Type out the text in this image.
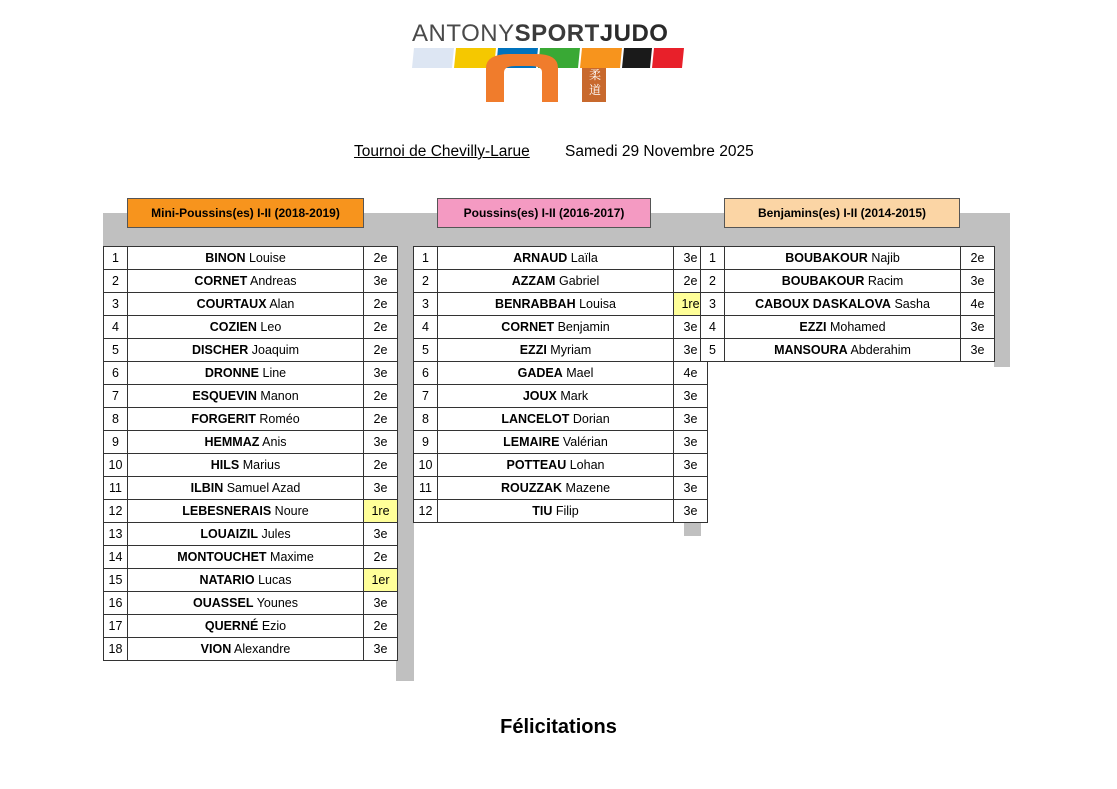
ANTONYSPORTJUDO
柔道
Tournoi de Chevilly-Larue Samedi 29 Novembre 2025
Mini-Poussins(es) I-II (2018-2019)	Poussins(es) I-II (2016-2017)	Benjamins(es) I-II (2014-2015)
1	BINON Louise	2e
2	CORNET Andreas	3e
3	COURTAUX Alan	2e
4	COZIEN Leo	2e
5	DISCHER Joaquim	2e
6	DRONNE Line	3e
7	ESQUEVIN Manon	2e
8	FORGERIT Roméo	2e
9	HEMMAZ Anis	3e
10	HILS Marius	2e
11	ILBIN Samuel Azad	3e
12	LEBESNERAIS Noure	1re
13	LOUAIZIL Jules	3e
14	MONTOUCHET Maxime	2e
15	NATARIO Lucas	1er
16	OUASSEL Younes	3e
17	QUERNÉ Ezio	2e
18	VION Alexandre	3e
1	ARNAUD Laïla	3e
2	AZZAM Gabriel	2e
3	BENRABBAH Louisa	1re
4	CORNET Benjamin	3e
5	EZZI Myriam	3e
6	GADEA Mael	4e
7	JOUX Mark	3e
8	LANCELOT Dorian	3e
9	LEMAIRE Valérian	3e
10	POTTEAU Lohan	3e
11	ROUZZAK Mazene	3e
12	TIU Filip	3e
1	BOUBAKOUR Najib	2e
2	BOUBAKOUR Racim	3e
3	CABOUX DASKALOVA Sasha	4e
4	EZZI Mohamed	3e
5	MANSOURA Abderahim	3e
Félicitations
